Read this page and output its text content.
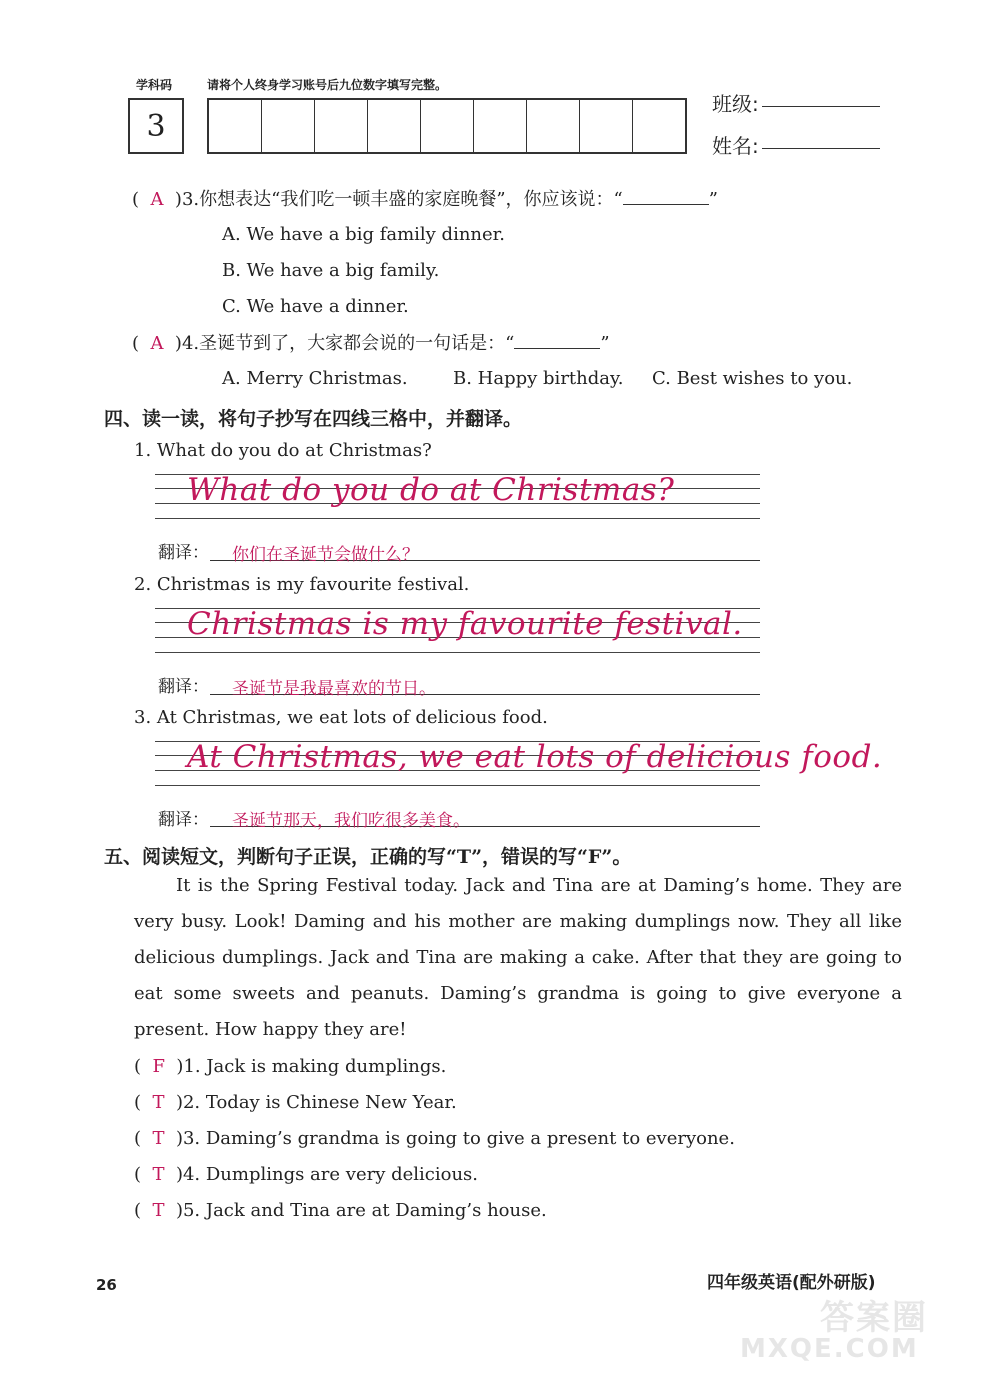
学科码	请将个人终身学习账号后九位数字填写完整。
3
班级:
姓名:
(  A  )3.你想表达“我们吃一顿丰盛的家庭晚餐”，你应该说：“	”
A. We have a big family dinner.
B. We have a big family.
C. We have a dinner.
(  A  )4.圣诞节到了，大家都会说的一句话是：“	”
A. Merry Christmas.	B. Happy birthday. C. Best wishes to you.
四、读一读，将句子抄写在四线三格中，并翻译。
1. What do you do at Christmas?
What do you do at Christmas?
翻译：	你们在圣诞节会做什么？
2. Christmas is my favourite festival.
Christmas is my favourite festival.
翻译：	圣诞节是我最喜欢的节日。
3. At Christmas, we eat lots of delicious food.
At Christmas, we eat lots of delicious food.
翻译：	圣诞节那天，我们吃很多美食。
五、阅读短文，判断句子正误，正确的写“T”，错误的写“F”。
It is the Spring Festival today. Jack and Tina are at Daming’s home. They are very busy. Look! Daming and his mother are making dumplings now. They all like delicious dumplings. Jack and Tina are making a cake. After that they are going to eat some sweets and peanuts. Daming’s grandma is going to give everyone a present. How happy they are!
(  F )1. Jack is making dumplings.
(  T )2. Today is Chinese New Year.
(  T )3. Daming’s grandma is going to give a present to everyone.
(  T )4. Dumplings are very delicious.
(  T )5. Jack and Tina are at Daming’s house.
26	四年级英语(配外研版)
答案圈
MXQE.COM
